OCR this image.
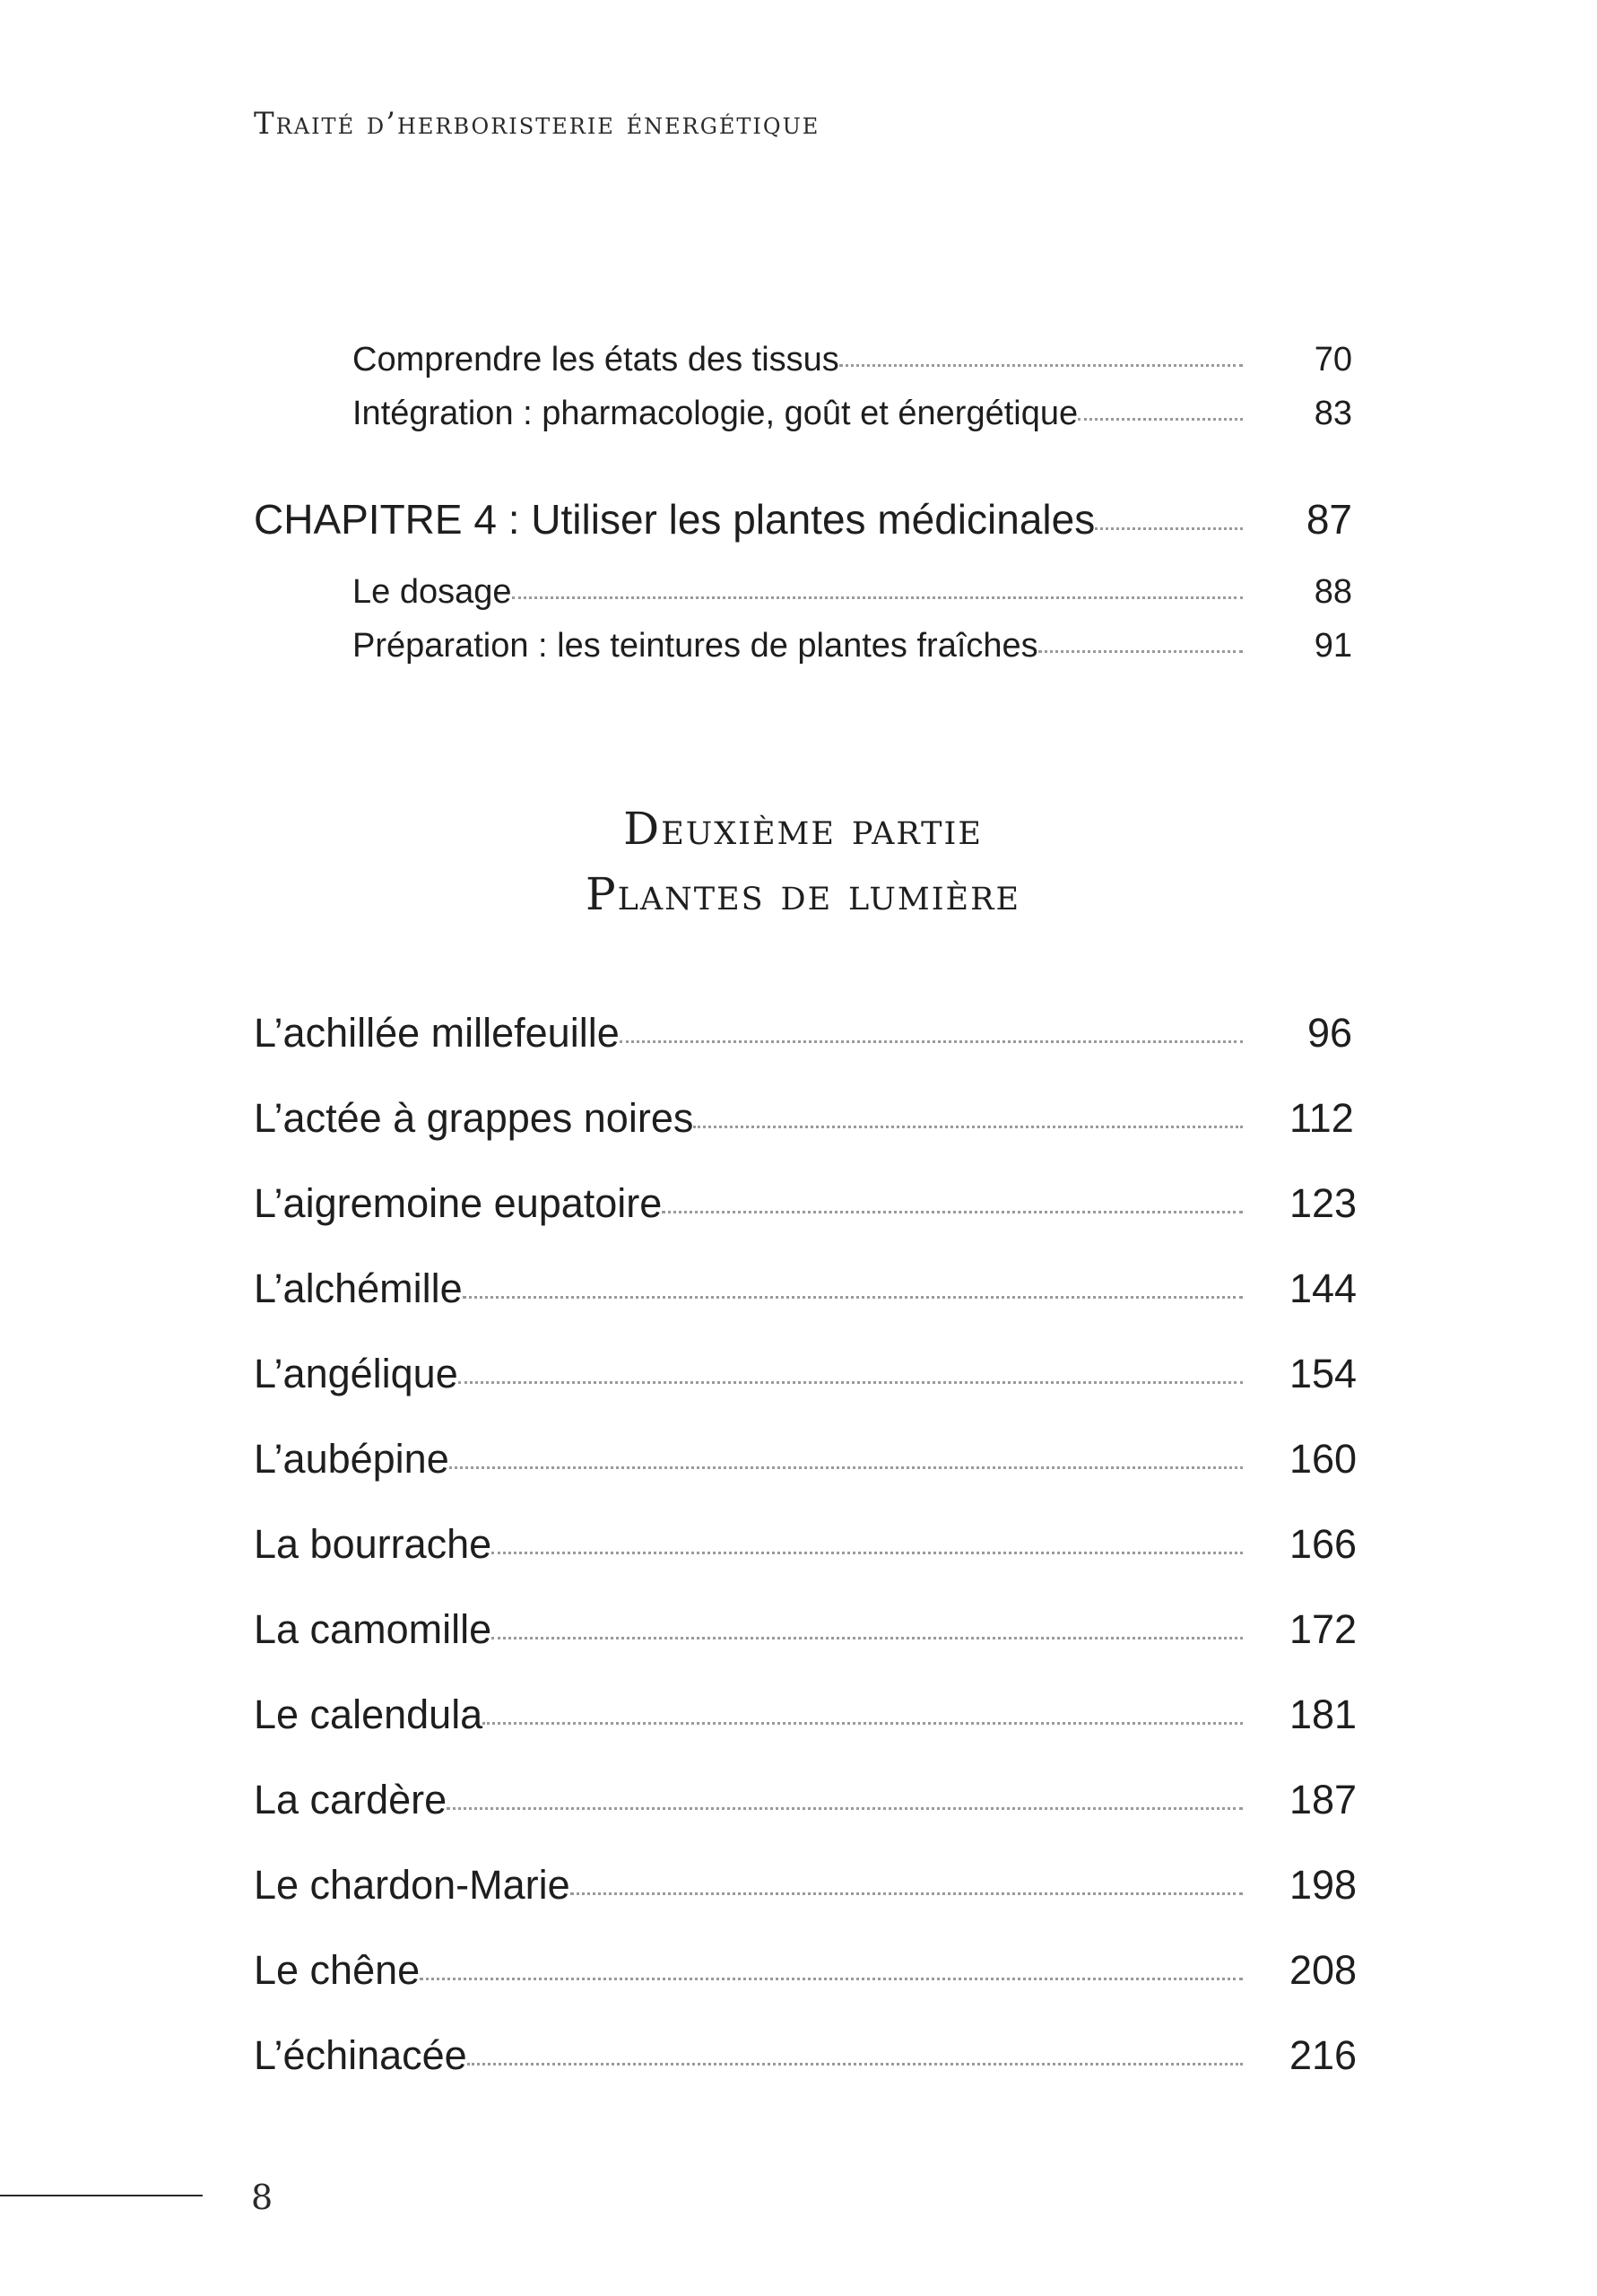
Traité d’herboristerie énergétique
Comprendre les états des tissus	70
Intégration : pharmacologie, goût et énergétique	83
CHAPITRE 4 : Utiliser les plantes médicinales	87
Le dosage	88
Préparation : les teintures de plantes fraîches	91
Deuxième partie
Plantes de lumière
L’achillée millefeuille	96
L’actée à grappes noires	112
L’aigremoine eupatoire	123
L’alchémille	144
L’angélique	154
L’aubépine	160
La bourrache	166
La camomille	172
Le calendula	181
La cardère	187
Le chardon-Marie	198
Le chêne	208
L’échinacée	216
8
